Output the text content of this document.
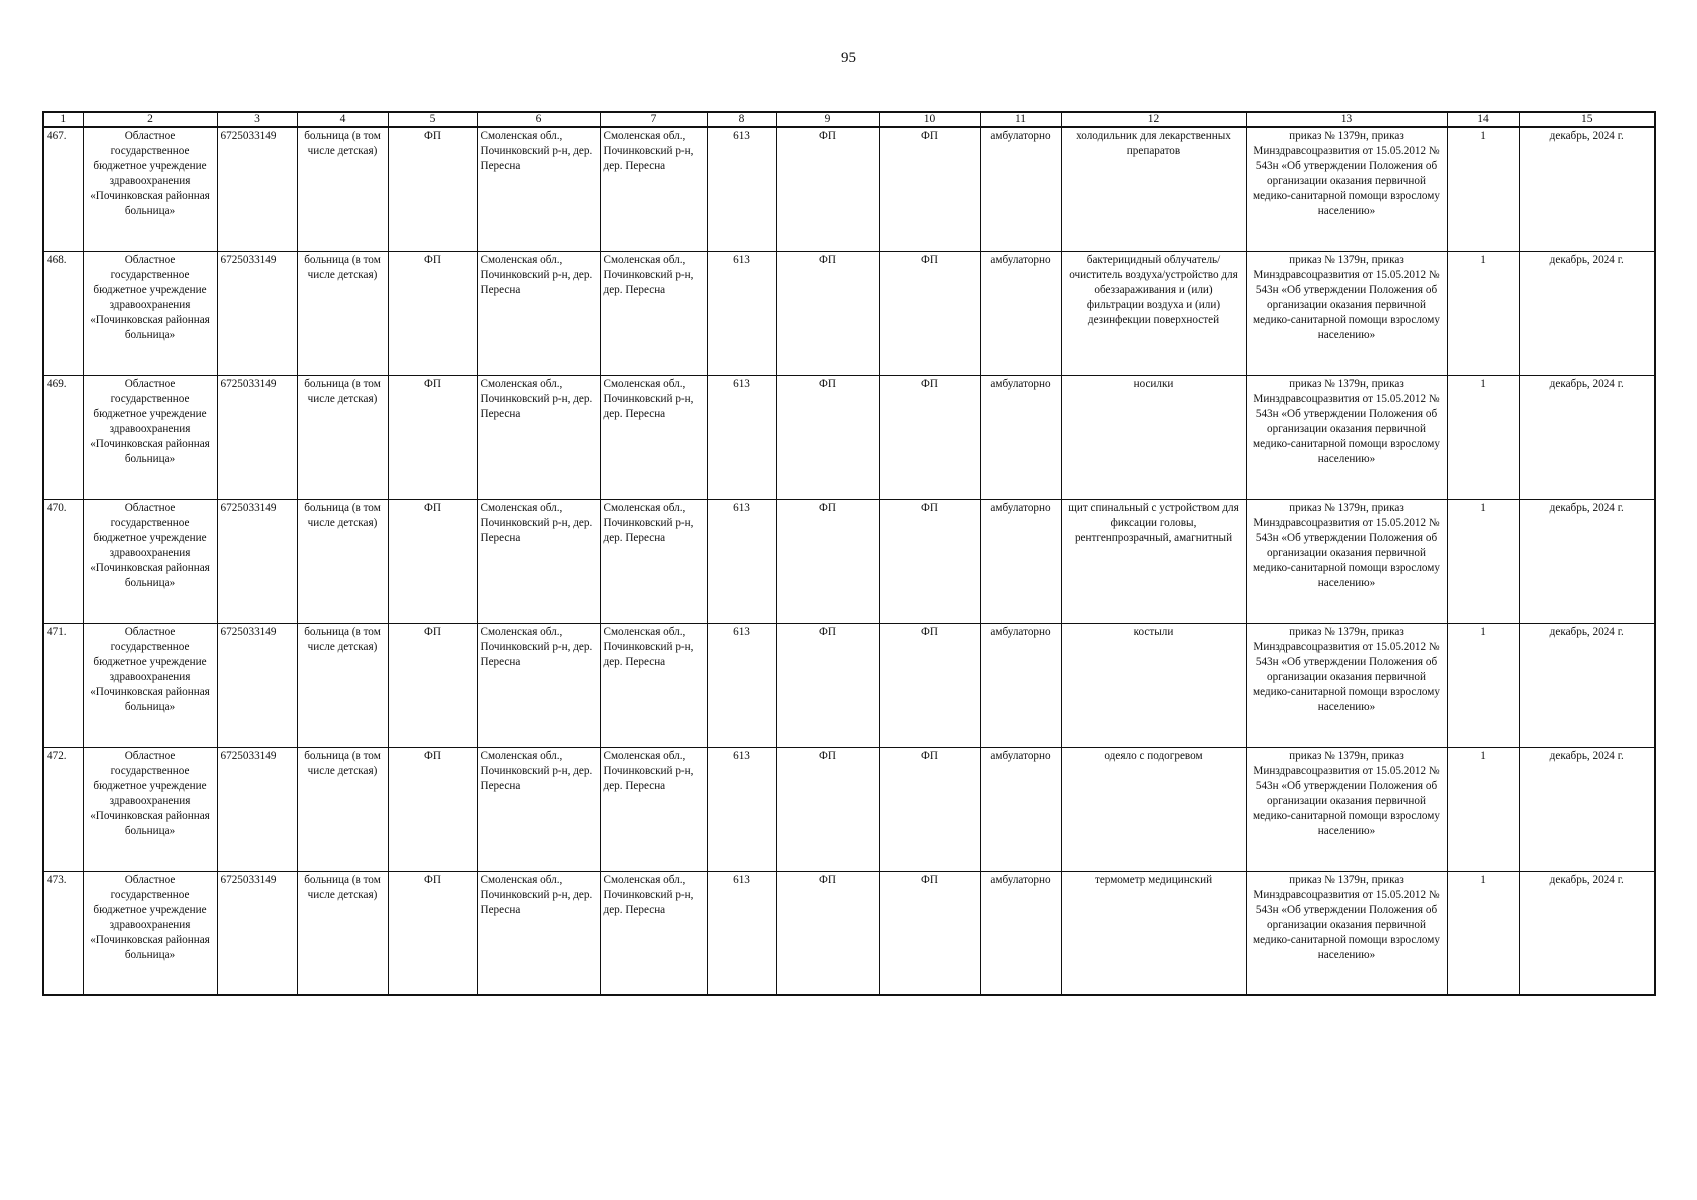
95
1	2	3	4	5	6	7	8	9	10	11	12	13	14	15
467.	Областное государственное бюджетное учреждение здравоохранения «Починковская районная больница»	6725033149	больница (в том числе детская)	ФП	Смоленская обл., Починковский р-н, дер. Пересна	Смоленская обл., Починковский р-н, дер. Пересна	613	ФП	ФП	амбулаторно	холодильник для лекарственных препаратов	приказ № 1379н, приказ Минздравсоцразвития от 15.05.2012 № 543н «Об утверждении Положения об организации оказания первичной медико-санитарной помощи взрослому населению»	1	декабрь, 2024 г.
468.	Областное государственное бюджетное учреждение здравоохранения «Починковская районная больница»	6725033149	больница (в том числе детская)	ФП	Смоленская обл., Починковский р-н, дер. Пересна	Смоленская обл., Починковский р-н, дер. Пересна	613	ФП	ФП	амбулаторно	бактерицидный облучатель/очиститель воздуха/устройство для обеззараживания и (или) фильтрации воздуха и (или) дезинфекции поверхностей	приказ № 1379н, приказ Минздравсоцразвития от 15.05.2012 № 543н «Об утверждении Положения об организации оказания первичной медико-санитарной помощи взрослому населению»	1	декабрь, 2024 г.
469.	Областное государственное бюджетное учреждение здравоохранения «Починковская районная больница»	6725033149	больница (в том числе детская)	ФП	Смоленская обл., Починковский р-н, дер. Пересна	Смоленская обл., Починковский р-н, дер. Пересна	613	ФП	ФП	амбулаторно	носилки	приказ № 1379н, приказ Минздравсоцразвития от 15.05.2012 № 543н «Об утверждении Положения об организации оказания первичной медико-санитарной помощи взрослому населению»	1	декабрь, 2024 г.
470.	Областное государственное бюджетное учреждение здравоохранения «Починковская районная больница»	6725033149	больница (в том числе детская)	ФП	Смоленская обл., Починковский р-н, дер. Пересна	Смоленская обл., Починковский р-н, дер. Пересна	613	ФП	ФП	амбулаторно	щит спинальный с устройством для фиксации головы, рентгенпрозрачный, амагнитный	приказ № 1379н, приказ Минздравсоцразвития от 15.05.2012 № 543н «Об утверждении Положения об организации оказания первичной медико-санитарной помощи взрослому населению»	1	декабрь, 2024 г.
471.	Областное государственное бюджетное учреждение здравоохранения «Починковская районная больница»	6725033149	больница (в том числе детская)	ФП	Смоленская обл., Починковский р-н, дер. Пересна	Смоленская обл., Починковский р-н, дер. Пересна	613	ФП	ФП	амбулаторно	костыли	приказ № 1379н, приказ Минздравсоцразвития от 15.05.2012 № 543н «Об утверждении Положения об организации оказания первичной медико-санитарной помощи взрослому населению»	1	декабрь, 2024 г.
472.	Областное государственное бюджетное учреждение здравоохранения «Починковская районная больница»	6725033149	больница (в том числе детская)	ФП	Смоленская обл., Починковский р-н, дер. Пересна	Смоленская обл., Починковский р-н, дер. Пересна	613	ФП	ФП	амбулаторно	одеяло с подогревом	приказ № 1379н, приказ Минздравсоцразвития от 15.05.2012 № 543н «Об утверждении Положения об организации оказания первичной медико-санитарной помощи взрослому населению»	1	декабрь, 2024 г.
473.	Областное государственное бюджетное учреждение здравоохранения «Починковская районная больница»	6725033149	больница (в том числе детская)	ФП	Смоленская обл., Починковский р-н, дер. Пересна	Смоленская обл., Починковский р-н, дер. Пересна	613	ФП	ФП	амбулаторно	термометр медицинский	приказ № 1379н, приказ Минздравсоцразвития от 15.05.2012 № 543н «Об утверждении Положения об организации оказания первичной медико-санитарной помощи взрослому населению»	1	декабрь, 2024 г.
